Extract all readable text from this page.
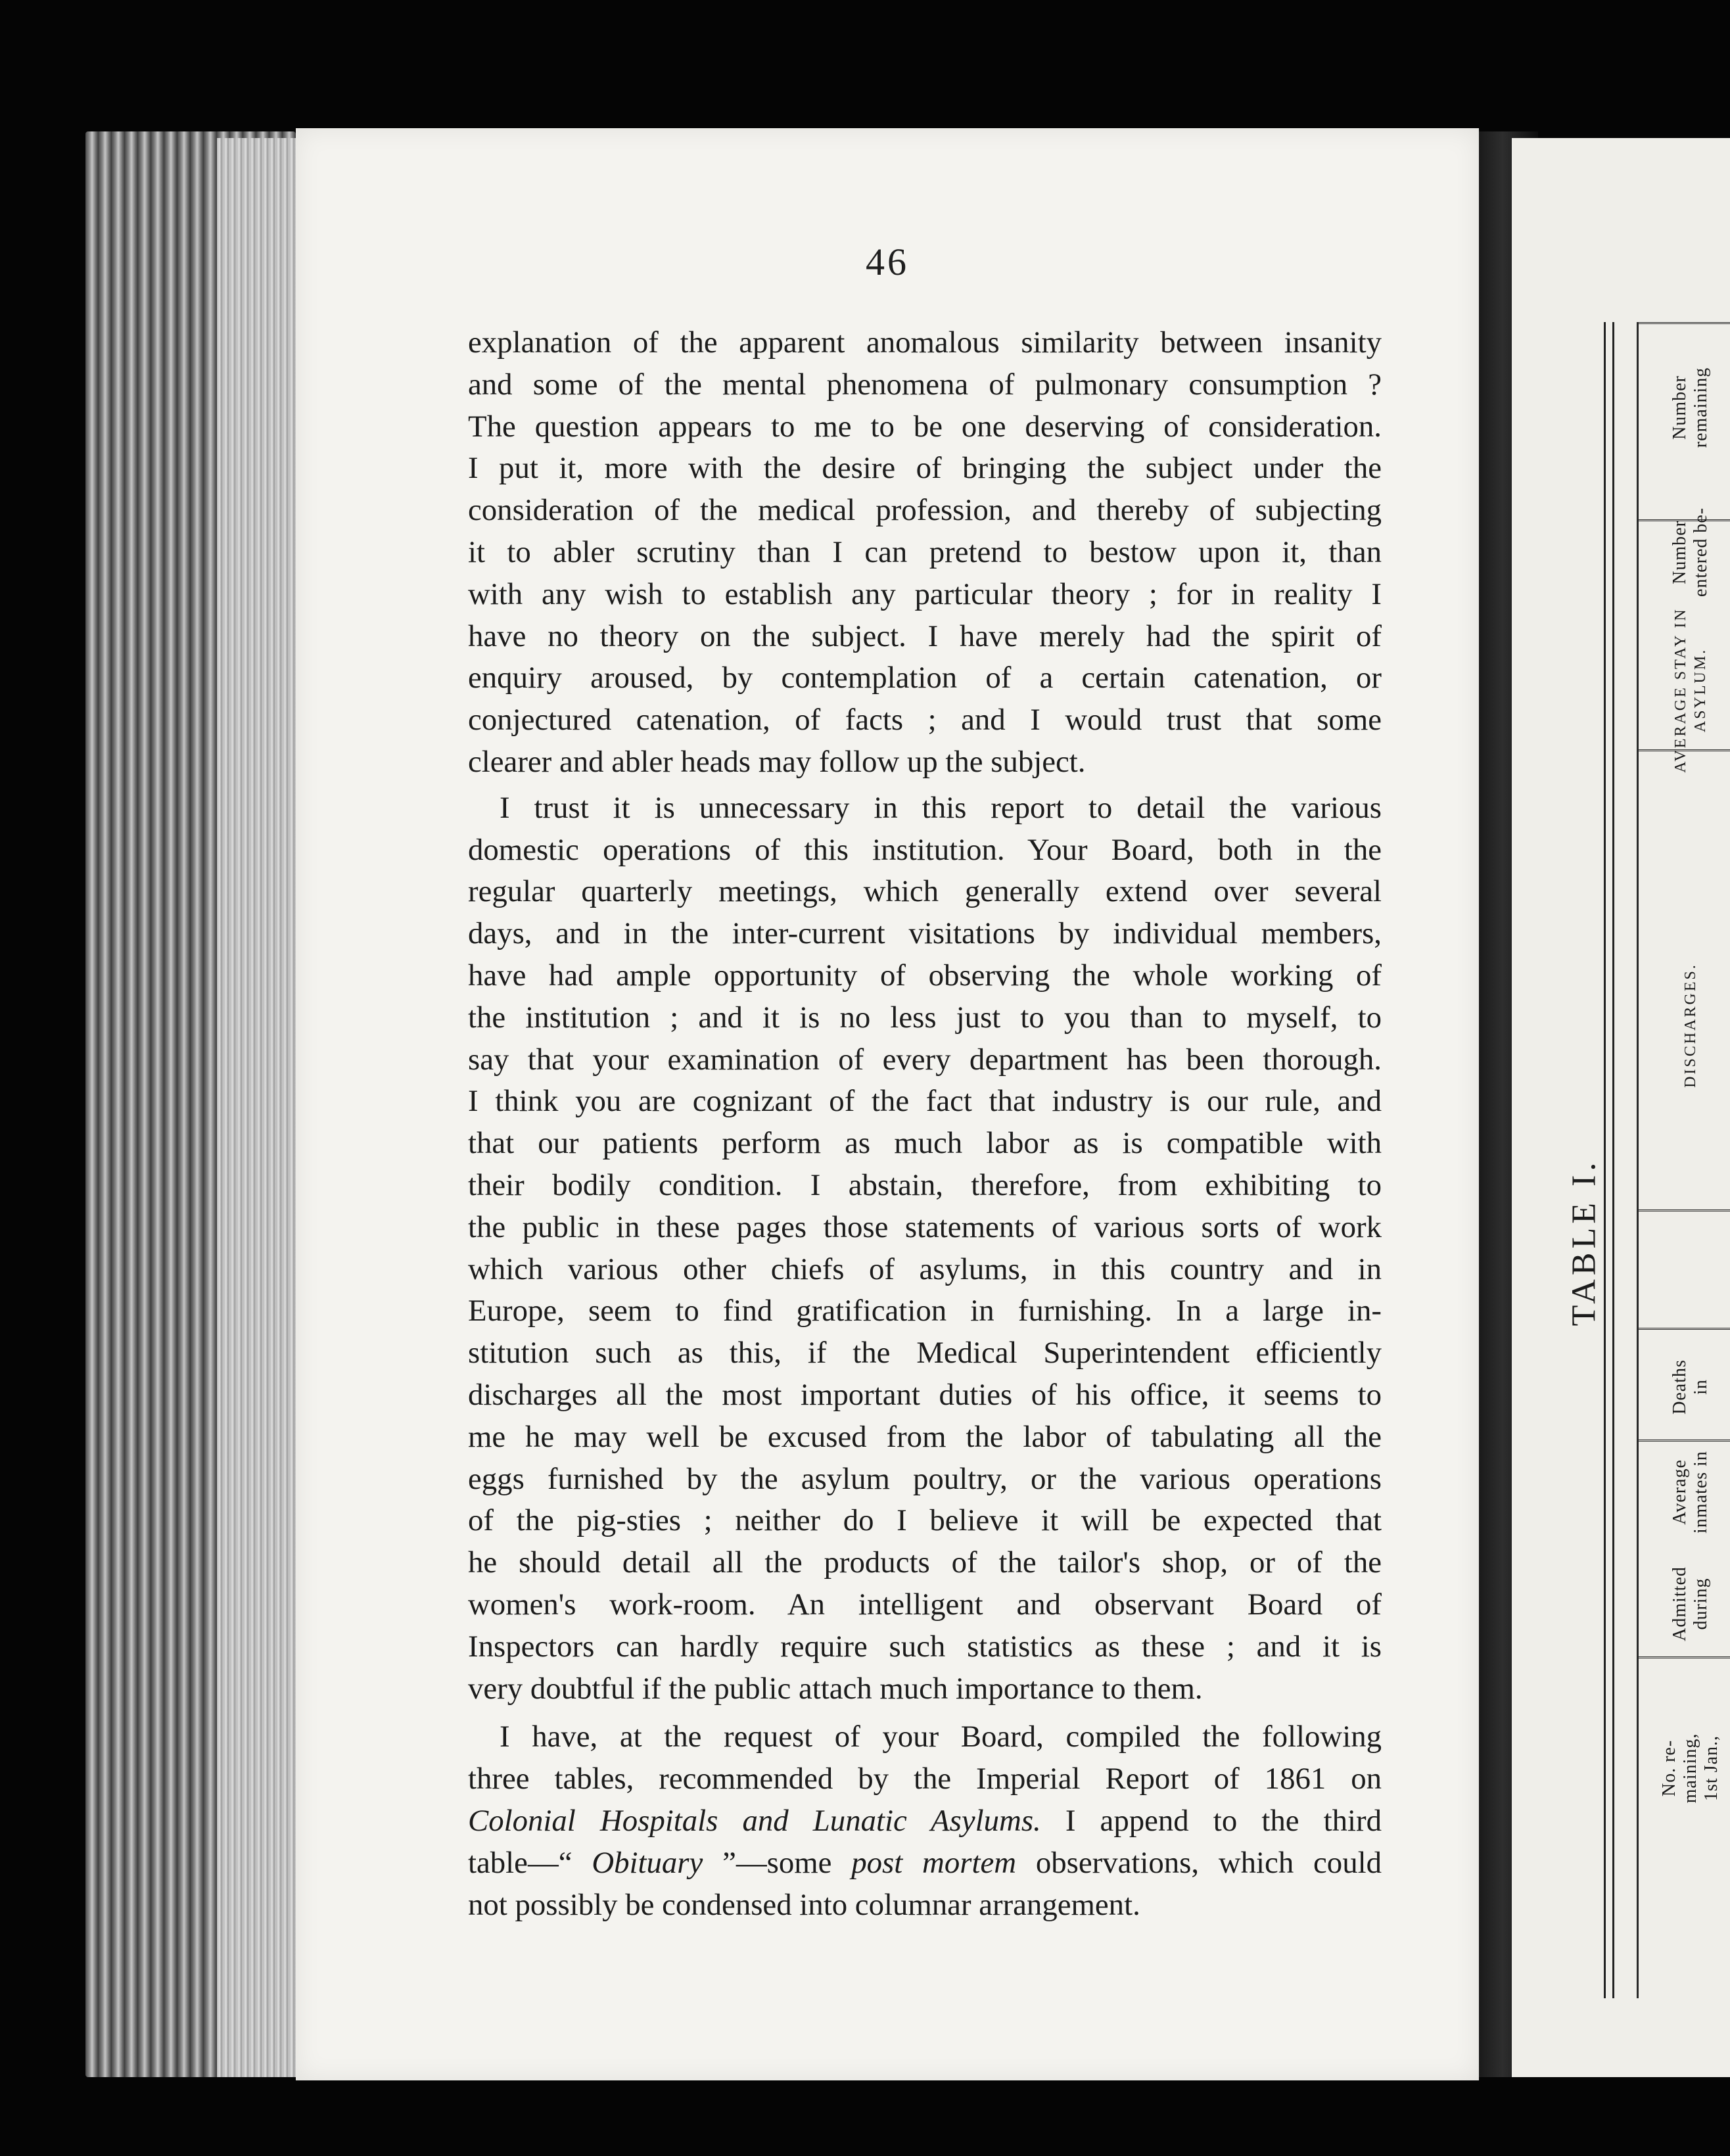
46
explanation of the apparent anomalous similarity between insanity
and some of the mental phenomena of pulmonary consumption ?
The question appears to me to be one deserving of consideration.
I put it, more with the desire of bringing the subject under the
consideration of the medical profession, and thereby of subjecting
it to abler scrutiny than I can pretend to bestow upon it, than
with any wish to establish any particular theory ; for in reality I
have no theory on the subject. I have merely had the spirit of
enquiry aroused, by contemplation of a certain catenation, or
conjectured catenation, of facts ; and I would trust that some
clearer and abler heads may follow up the subject.
I trust it is unnecessary in this report to detail the various
domestic operations of this institution. Your Board, both in the
regular quarterly meetings, which generally extend over several
days, and in the inter-current visitations by individual members,
have had ample opportunity of observing the whole working of
the institution ; and it is no less just to you than to myself, to
say that your examination of every department has been thorough.
I think you are cognizant of the fact that industry is our rule, and
that our patients perform as much labor as is compatible with
their bodily condition. I abstain, therefore, from exhibiting to
the public in these pages those statements of various sorts of work
which various other chiefs of asylums, in this country and in
Europe, seem to find gratification in furnishing. In a large in-
stitution such as this, if the Medical Superintendent efficiently
discharges all the most important duties of his office, it seems to
me he may well be excused from the labor of tabulating all the
eggs furnished by the asylum poultry, or the various operations
of the pig-sties ; neither do I believe it will be expected that
he should detail all the products of the tailor's shop, or of the
women's work-room. An intelligent and observant Board of
Inspectors can hardly require such statistics as these ; and it is
very doubtful if the public attach much importance to them.
I have, at the request of your Board, compiled the following
three tables, recommended by the Imperial Report of 1861 on
Colonial Hospitals and Lunatic Asylums. I append to the third
table—“ Obituary ”—some post mortem observations, which could
not possibly be condensed into columnar arrangement.
TABLE I.
No. re-
maining,
1st Jan.,
Admitted
during
Average
inmates in
Deaths
in
DISCHARGES.
AVERAGE STAY IN
ASYLUM.
Number
entered be-
Number
remaining
